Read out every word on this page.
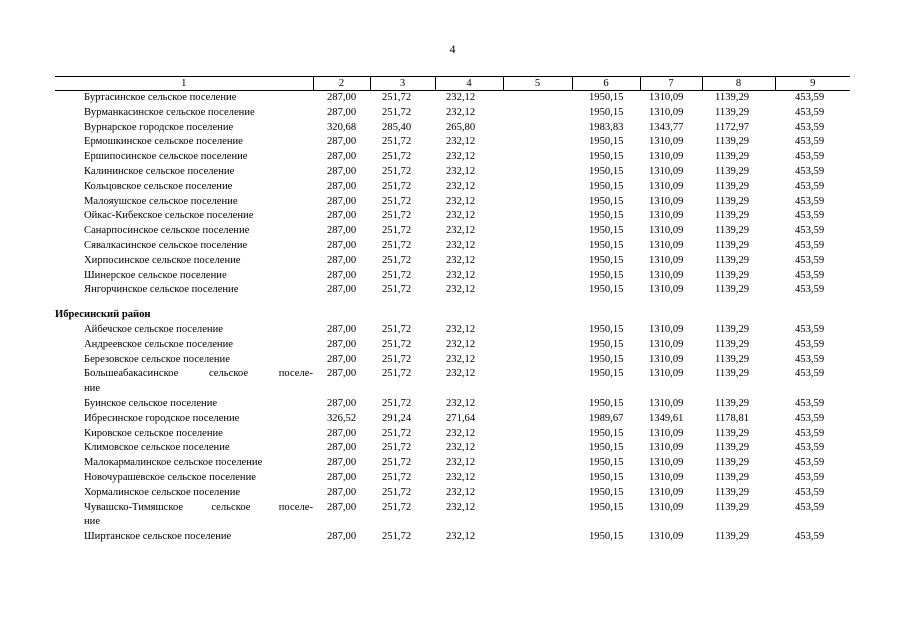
4
1	2	3	4	5	6	7	8	9
Буртасинское сельское поселение	287,00	251,72	232,12		1950,15	1310,09	1139,29	453,59
Вурманкасинское сельское поселение	287,00	251,72	232,12		1950,15	1310,09	1139,29	453,59
Вурнарское городское поселение	320,68	285,40	265,80		1983,83	1343,77	1172,97	453,59
Ермошкинское сельское поселение	287,00	251,72	232,12		1950,15	1310,09	1139,29	453,59
Ершипосинское сельское поселение	287,00	251,72	232,12		1950,15	1310,09	1139,29	453,59
Калининское сельское поселение	287,00	251,72	232,12		1950,15	1310,09	1139,29	453,59
Кольцовское сельское поселение	287,00	251,72	232,12		1950,15	1310,09	1139,29	453,59
Малояушское сельское поселение	287,00	251,72	232,12		1950,15	1310,09	1139,29	453,59
Ойкас-Кибекское сельское поселение	287,00	251,72	232,12		1950,15	1310,09	1139,29	453,59
Санарпосинское сельское поселение	287,00	251,72	232,12		1950,15	1310,09	1139,29	453,59
Сявалкасинское сельское поселение	287,00	251,72	232,12		1950,15	1310,09	1139,29	453,59
Хирпосинское сельское поселение	287,00	251,72	232,12		1950,15	1310,09	1139,29	453,59
Шинерское сельское поселение	287,00	251,72	232,12		1950,15	1310,09	1139,29	453,59
Янгорчинское сельское поселение	287,00	251,72	232,12		1950,15	1310,09	1139,29	453,59

Ибресинский район								
Айбечское сельское поселение	287,00	251,72	232,12		1950,15	1310,09	1139,29	453,59
Андреевское сельское поселение	287,00	251,72	232,12		1950,15	1310,09	1139,29	453,59
Березовское сельское поселение	287,00	251,72	232,12		1950,15	1310,09	1139,29	453,59

Большеабакасинское сельское поселе-
ние	287,00	251,72	232,12		1950,15	1310,09	1139,29	453,59
Буинское сельское поселение	287,00	251,72	232,12		1950,15	1310,09	1139,29	453,59
Ибресинское городское поселение	326,52	291,24	271,64		1989,67	1349,61	1178,81	453,59
Кировское сельское поселение	287,00	251,72	232,12		1950,15	1310,09	1139,29	453,59
Климовское сельское поселение	287,00	251,72	232,12		1950,15	1310,09	1139,29	453,59
Малокармалинское сельское поселение	287,00	251,72	232,12		1950,15	1310,09	1139,29	453,59
Новочурашевское сельское поселение	287,00	251,72	232,12		1950,15	1310,09	1139,29	453,59
Хормалинское сельское поселение	287,00	251,72	232,12		1950,15	1310,09	1139,29	453,59

Чувашско-Тимяшское сельское поселе-
ние	287,00	251,72	232,12		1950,15	1310,09	1139,29	453,59
Ширтанское сельское поселение	287,00	251,72	232,12		1950,15	1310,09	1139,29	453,59
